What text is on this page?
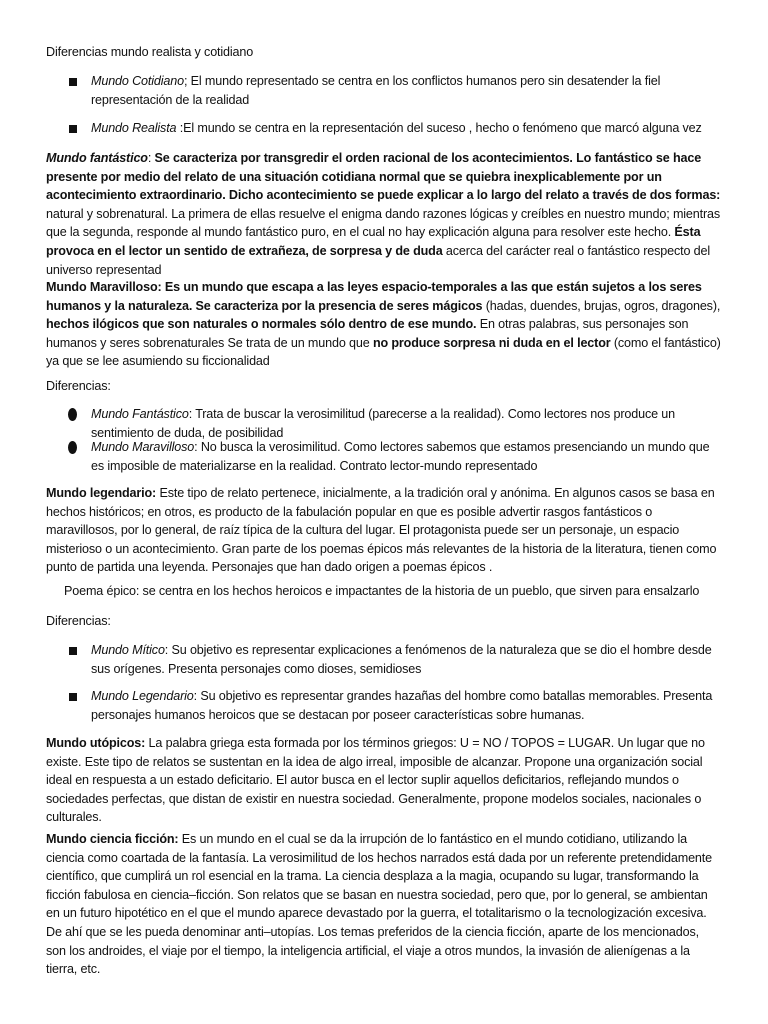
Diferencias mundo realista y cotidiano

Mundo Cotidiano; El mundo representado se centra en los conflictos humanos pero sin desatender la fiel representación de la realidad

Mundo Realista :El mundo se centra en la representación del suceso , hecho o fenómeno que marcó alguna vez

Mundo fantástico: Se caracteriza por transgredir el orden racional de los acontecimientos. Lo fantástico se hace presente por medio del relato de una situación cotidiana normal que se quiebra inexplicablemente por un acontecimiento extraordinario. Dicho acontecimiento se puede explicar a lo largo del relato a través de dos formas: natural y sobrenatural. La primera de ellas resuelve el enigma dando razones lógicas y creíbles en nuestro mundo; mientras que la segunda, responde al mundo fantástico puro, en el cual no hay explicación alguna para resolver este hecho. Ésta provoca en el lector un sentido de extrañeza, de sorpresa y de duda acerca del carácter real o fantástico respecto del universo representad

Mundo Maravilloso: Es un mundo que escapa a las leyes espacio-temporales a las que están sujetos a los seres humanos y la naturaleza. Se caracteriza por la presencia de seres mágicos (hadas, duendes, brujas, ogros, dragones), hechos ilógicos que son naturales o normales sólo dentro de ese mundo. En otras palabras, sus personajes son humanos y seres sobrenaturales Se trata de un mundo que no produce sorpresa ni duda en el lector (como el fantástico) ya que se lee asumiendo su ficcionalidad

Diferencias:

Mundo Fantástico: Trata de buscar la verosimilitud (parecerse a la realidad). Como lectores nos produce un sentimiento de duda, de posibilidad

Mundo Maravilloso: No busca la verosimilitud. Como lectores sabemos que estamos presenciando un mundo que es imposible de materializarse en la realidad. Contrato lector-mundo representado

Mundo legendario: Este tipo de relato pertenece, inicialmente, a la tradición oral y anónima. En algunos casos se basa en hechos históricos; en otros, es producto de la fabulación popular en que es posible advertir rasgos fantásticos o maravillosos, por lo general, de raíz típica de la cultura del lugar. El protagonista puede ser un personaje, un espacio misterioso o un acontecimiento. Gran parte de los poemas épicos más relevantes de la historia de la literatura, tienen como punto de partida una leyenda. Personajes que han dado origen a poemas épicos .

Poema épico: se centra en los hechos heroicos e impactantes de la historia de un pueblo, que sirven para ensalzarlo

Diferencias:

Mundo Mítico: Su objetivo es representar explicaciones a fenómenos de la naturaleza que se dio el hombre desde sus orígenes. Presenta personajes como dioses, semidioses

Mundo Legendario: Su objetivo es representar grandes hazañas del hombre como batallas memorables. Presenta personajes humanos heroicos que se destacan por poseer características sobre humanas.

Mundo utópicos: La palabra griega esta formada por los términos griegos: U = NO / TOPOS = LUGAR. Un lugar que no existe. Este tipo de relatos se sustentan en la idea de algo irreal, imposible de alcanzar. Propone una organización social ideal en respuesta a un estado deficitario. El autor busca en el lector suplir aquellos deficitarios, reflejando mundos o sociedades perfectas, que distan de existir en nuestra sociedad. Generalmente, propone modelos sociales, nacionales o culturales.

Mundo ciencia ficción: Es un mundo en el cual se da la irrupción de lo fantástico en el mundo cotidiano, utilizando la ciencia como coartada de la fantasía. La verosimilitud de los hechos narrados está dada por un referente pretendidamente científico, que cumplirá un rol esencial en la trama. La ciencia desplaza a la magia, ocupando su lugar, transformando la ficción fabulosa en ciencia–ficción. Son relatos que se basan en nuestra sociedad, pero que, por lo general, se ambientan en un futuro hipotético en el que el mundo aparece devastado por la guerra, el totalitarismo o la tecnologización excesiva. De ahí que se les pueda denominar anti–utopías. Los temas preferidos de la ciencia ficción, aparte de los mencionados, son los androides, el viaje por el tiempo, la inteligencia artificial, el viaje a otros mundos, la invasión de alienígenas a la tierra, etc.
